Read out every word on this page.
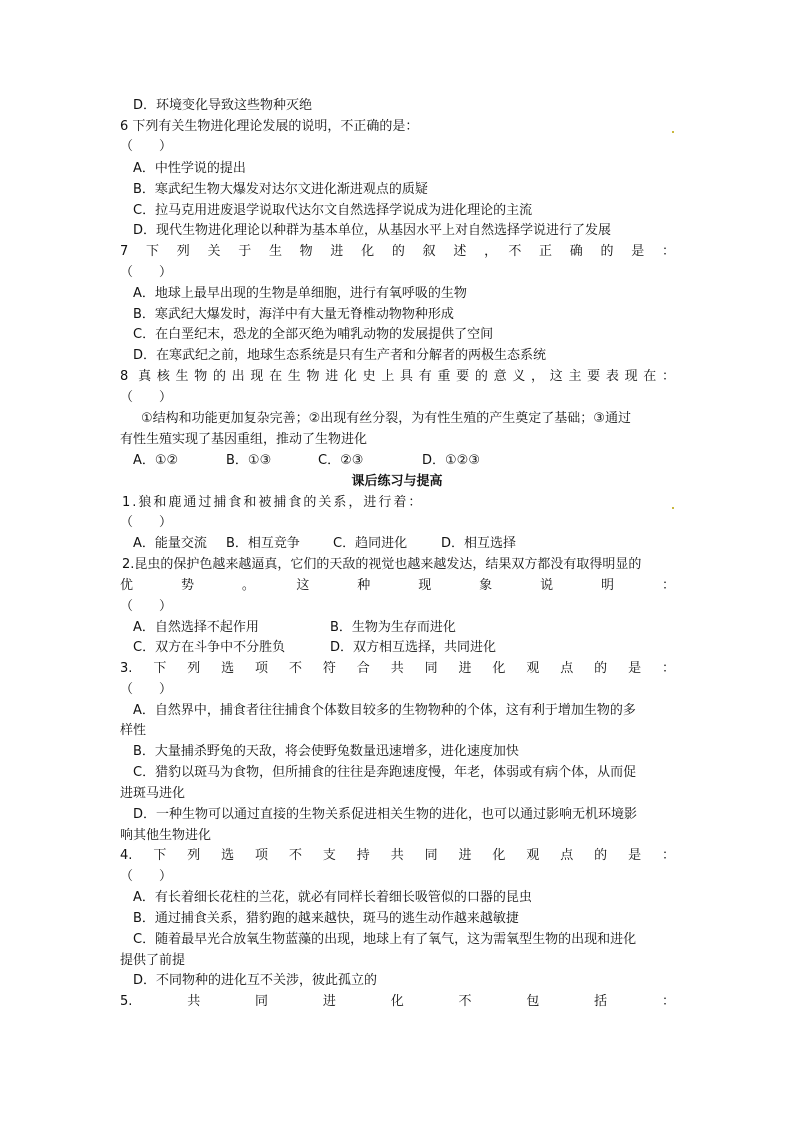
D．环境变化导致这些物种灭绝
6 下列有关生物进化理论发展的说明，不正确的是：
（　　）
A．中性学说的提出
B．寒武纪生物大爆发对达尔文进化渐进观点的质疑
C．拉马克用进废退学说取代达尔文自然选择学说成为进化理论的主流
D．现代生物进化理论以种群为基本单位，从基因水平上对自然选择学说进行了发展
7　下　列　关　于　生　物　进　化　的　叙　述　，　不　正　确　的　是　：
（　　）
A．地球上最早出现的生物是单细胞，进行有氧呼吸的生物
B．寒武纪大爆发时，海洋中有大量无脊椎动物物种形成
C．在白垩纪末，恐龙的全部灭绝为哺乳动物的发展提供了空间
D．在寒武纪之前，地球生态系统是只有生产者和分解者的两极生态系统
8 真核生物的出现在生物进化史上具有重要的意义，这主要表现在：
（　　）
①结构和功能更加复杂完善；②出现有丝分裂，为有性生殖的产生奠定了基础；③通过
有性生殖实现了基因重组，推动了生物进化
A．①②	B．①③	C．②③	D．①②③
课后练习与提高
1.狼和鹿通过捕食和被捕食的关系，进行着：
（　　）
A．能量交流 B．相互竞争	C．趋同进化	D．相互选择
2.昆虫的保护色越来越逼真，它们的天敌的视觉也越来越发达，结果双方都没有取得明显的
优　　势　　。　　这　　种　　现　　象　　说　　明　　：
（　　）
A．自然选择不起作用	B．生物为生存而进化
C．双方在斗争中不分胜负	D．双方相互选择，共同进化
3.　下　列　选　项　不　符　合　共　同　进　化　观　点　的　是　：
（　　）
A．自然界中，捕食者往往捕食个体数目较多的生物物种的个体，这有利于增加生物的多
样性
B．大量捕杀野兔的天敌，将会使野兔数量迅速增多，进化速度加快
C．猎豹以斑马为食物，但所捕食的往往是奔跑速度慢，年老，体弱或有病个体，从而促
进斑马进化
D．一种生物可以通过直接的生物关系促进相关生物的进化，也可以通过影响无机环境影
响其他生物进化
4.　下　列　选　项　不　支　持　共　同　进　化　观　点　的　是　：
（　　）
A．有长着细长花柱的兰花，就必有同样长着细长吸管似的口器的昆虫
B．通过捕食关系，猎豹跑的越来越快，斑马的逃生动作越来越敏捷
C．随着最早光合放氧生物蓝藻的出现，地球上有了氧气，这为需氧型生物的出现和进化
提供了前提
D．不同物种的进化互不关涉，彼此孤立的
5.　　　共　　　同　　　进　　　化　　　不　　　包　　　括　　　：
